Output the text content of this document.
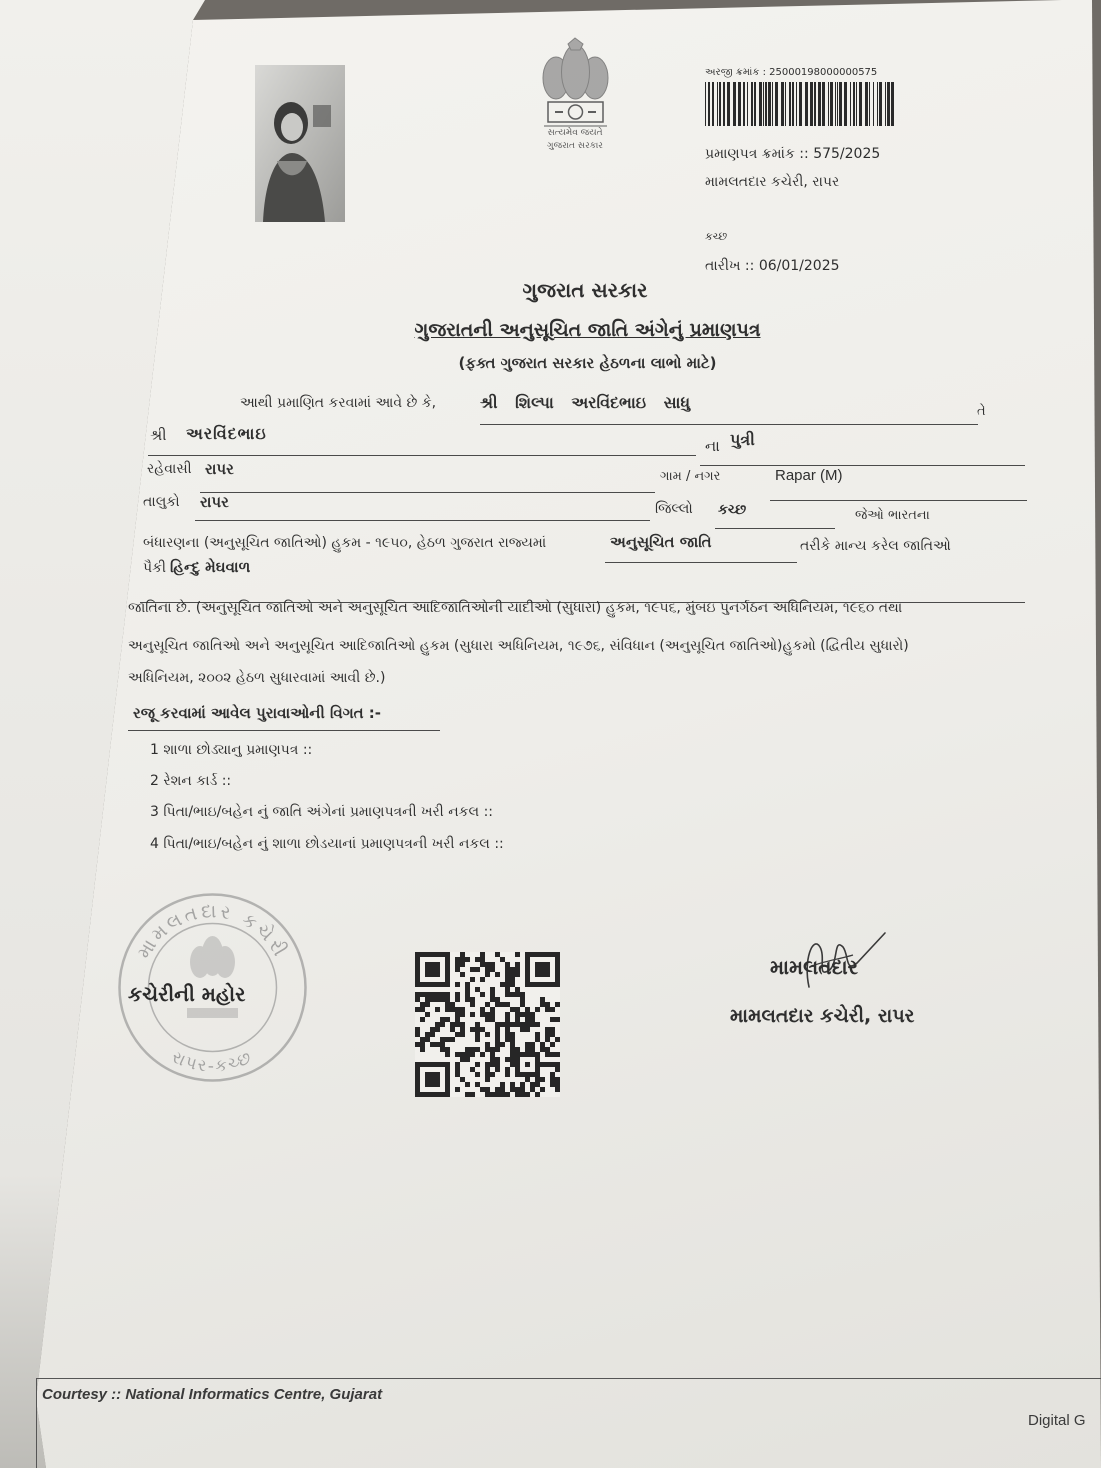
સત્યમેવ જયતે
ગુજરાત સરકાર
અરજી ક્રમાંક : 25000198000000575
પ્રમાણપત્ર ક્રમાંક :: 575/2025
મામલતદાર કચેરી, રાપર
કચ્છ
તારીખ :: 06/01/2025
ગુજરાત સરકાર
ગુજરાતની અનુસૂચિત જાતિ અંગેનું પ્રમાણપત્ર
(ફક્ત ગુજરાત સરકાર હેઠળના લાભો માટે)
આથી પ્રમાણિત કરવામાં આવે છે કે,	શ્રી શિલ્પા અરવિંદભાઇ સાધુ	તે
શ્રી અરવિંદભાઇ
ના પુત્રી
રહેવાસી રાપર	ગામ / નગર	Rapar (M)
તાલુકો રાપર	જિલ્લો કચ્છ	જેઓ ભારતના
બંધારણના (અનુસૂચિત જાતિઓ) હુકમ - ૧૯૫૦, હેઠળ ગુજરાત રાજ્યમાં	અનુસૂચિત જાતિ	તરીકે માન્ય કરેલ જાતિઓ
પૈકી હિન્દુ મેઘવાળ
જાતિના છે. (અનુસૂચિત જાતિઓ અને અનુસૂચિત આદિજાતિઓની યાદીઓ (સુધારા) હુકમ, ૧૯૫૬, મુંબઇ પુનર્ગઠન અધિનિયમ, ૧૯૬૦ તથા
અનુસૂચિત જાતિઓ અને અનુસૂચિત આદિજાતિઓ હુકમ (સુધારા અધિનિયમ, ૧૯૭૬, સંવિધાન (અનુસૂચિત જાતિઓ)હુકમો (દ્વિતીય સુધારો)
અધિનિયમ, ૨૦૦૨ હેઠળ સુધારવામાં આવી છે.)
રજૂ કરવામાં આવેલ પુરાવાઓની વિગત :-
1 શાળા છોડ્યાનુ પ્રમાણપત્ર ::
2 રેશન કાર્ડ ::
3 પિતા/ભાઇ/બહેન નું જાતિ અંગેનાં પ્રમાણપત્રની ખરી નકલ ::
4 પિતા/ભાઇ/બહેન નું શાળા છોડયાનાં પ્રમાણપત્રની ખરી નકલ ::
મામલતદાર કચેરી
રાપર-કચ્છ
કચેરીની મહોર
મામલતદાર
મામલતદાર કચેરી, રાપર
Courtesy :: National Informatics Centre, Gujarat
Digital G
